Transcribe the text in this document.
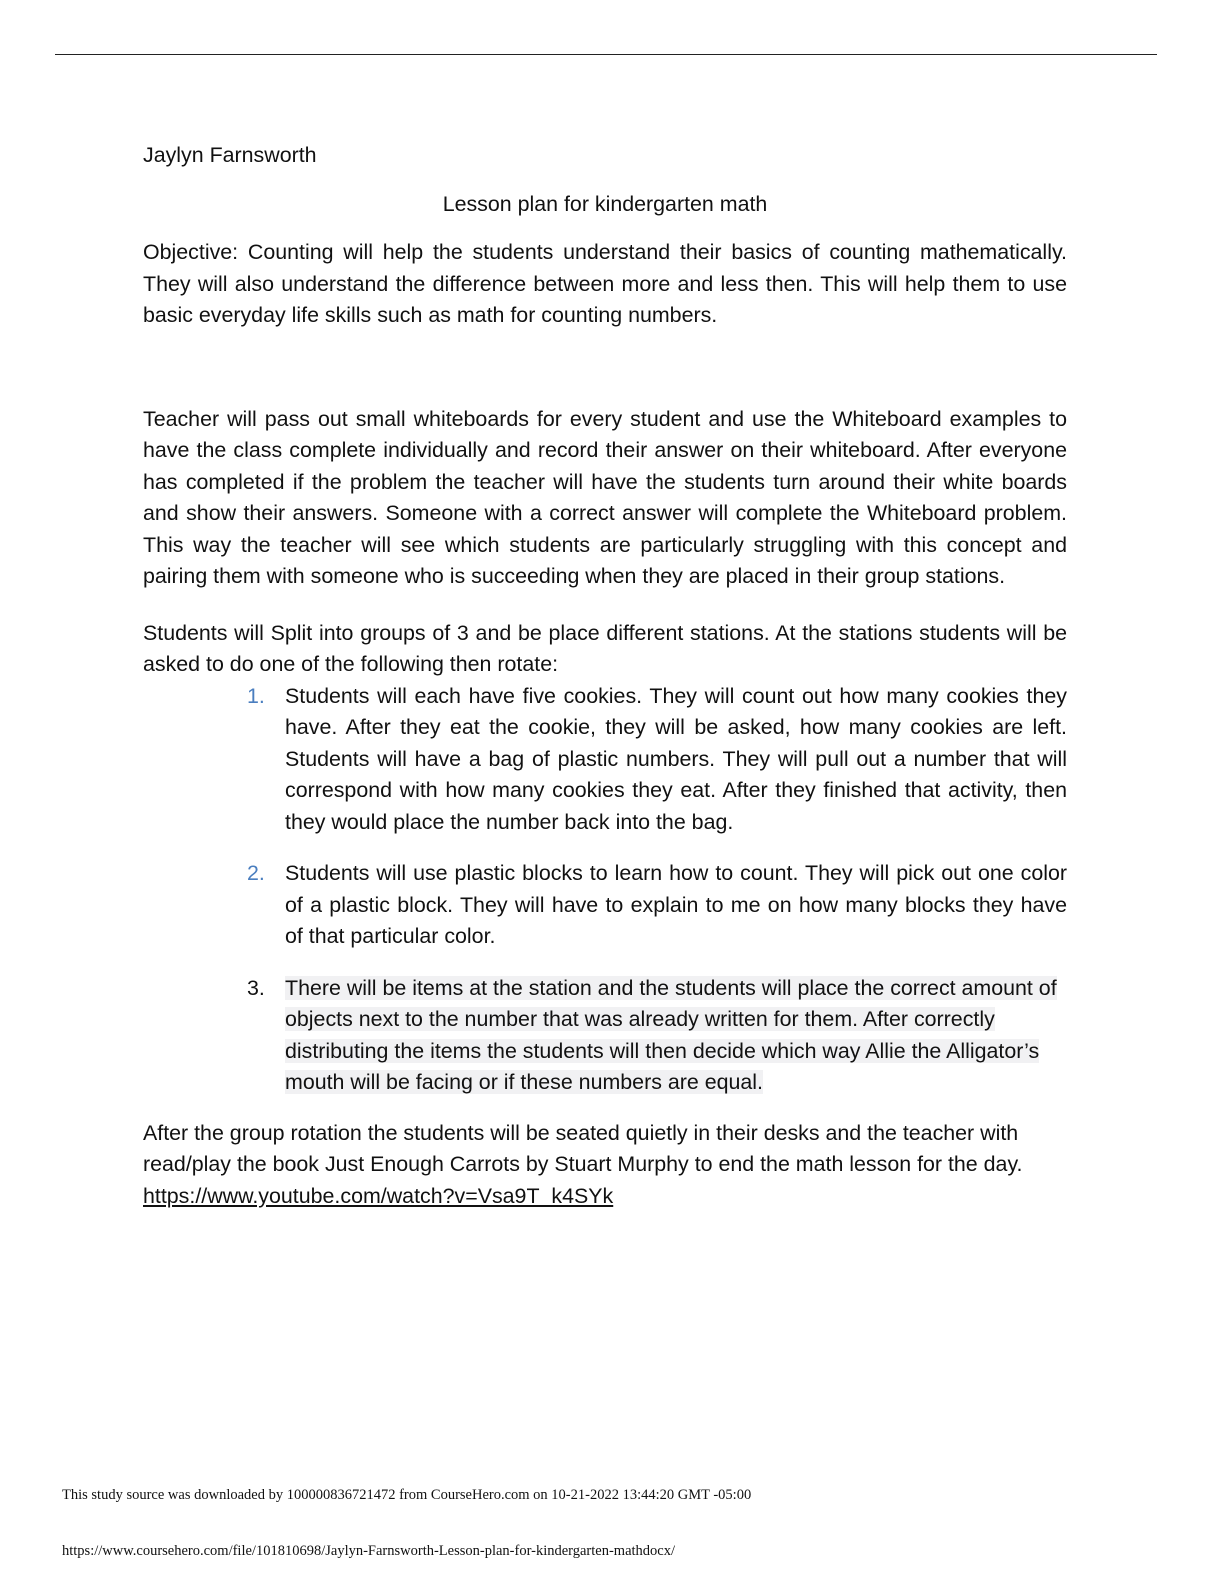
Jaylyn Farnsworth

Lesson plan for kindergarten math

Objective: Counting will help the students understand their basics of counting mathematically. They will also understand the difference between more and less then. This will help them to use basic everyday life skills such as math for counting numbers.

Teacher will pass out small whiteboards for every student and use the Whiteboard examples to have the class complete individually and record their answer on their whiteboard. After everyone has completed if the problem the teacher will have the students turn around their white boards and show their answers. Someone with a correct answer will complete the Whiteboard problem. This way the teacher will see which students are particularly struggling with this concept and pairing them with someone who is succeeding when they are placed in their group stations.

Students will Split into groups of 3 and be place different stations. At the stations students will be asked to do one of the following then rotate:

1. Students will each have five cookies. They will count out how many cookies they have. After they eat the cookie, they will be asked, how many cookies are left. Students will have a bag of plastic numbers. They will pull out a number that will correspond with how many cookies they eat. After they finished that activity, then they would place the number back into the bag.
2. Students will use plastic blocks to learn how to count. They will pick out one color of a plastic block. They will have to explain to me on how many blocks they have of that particular color.
3. There will be items at the station and the students will place the correct amount of objects next to the number that was already written for them. After correctly distributing the items the students will then decide which way Allie the Alligator’s mouth will be facing or if these numbers are equal.

After the group rotation the students will be seated quietly in their desks and the teacher with read/play the book Just Enough Carrots by Stuart Murphy to end the math lesson for the day. https://www.youtube.com/watch?v=Vsa9T_k4SYk

This study source was downloaded by 100000836721472 from CourseHero.com on 10-21-2022 13:44:20 GMT -05:00
https://www.coursehero.com/file/101810698/Jaylyn-Farnsworth-Lesson-plan-for-kindergarten-mathdocx/
